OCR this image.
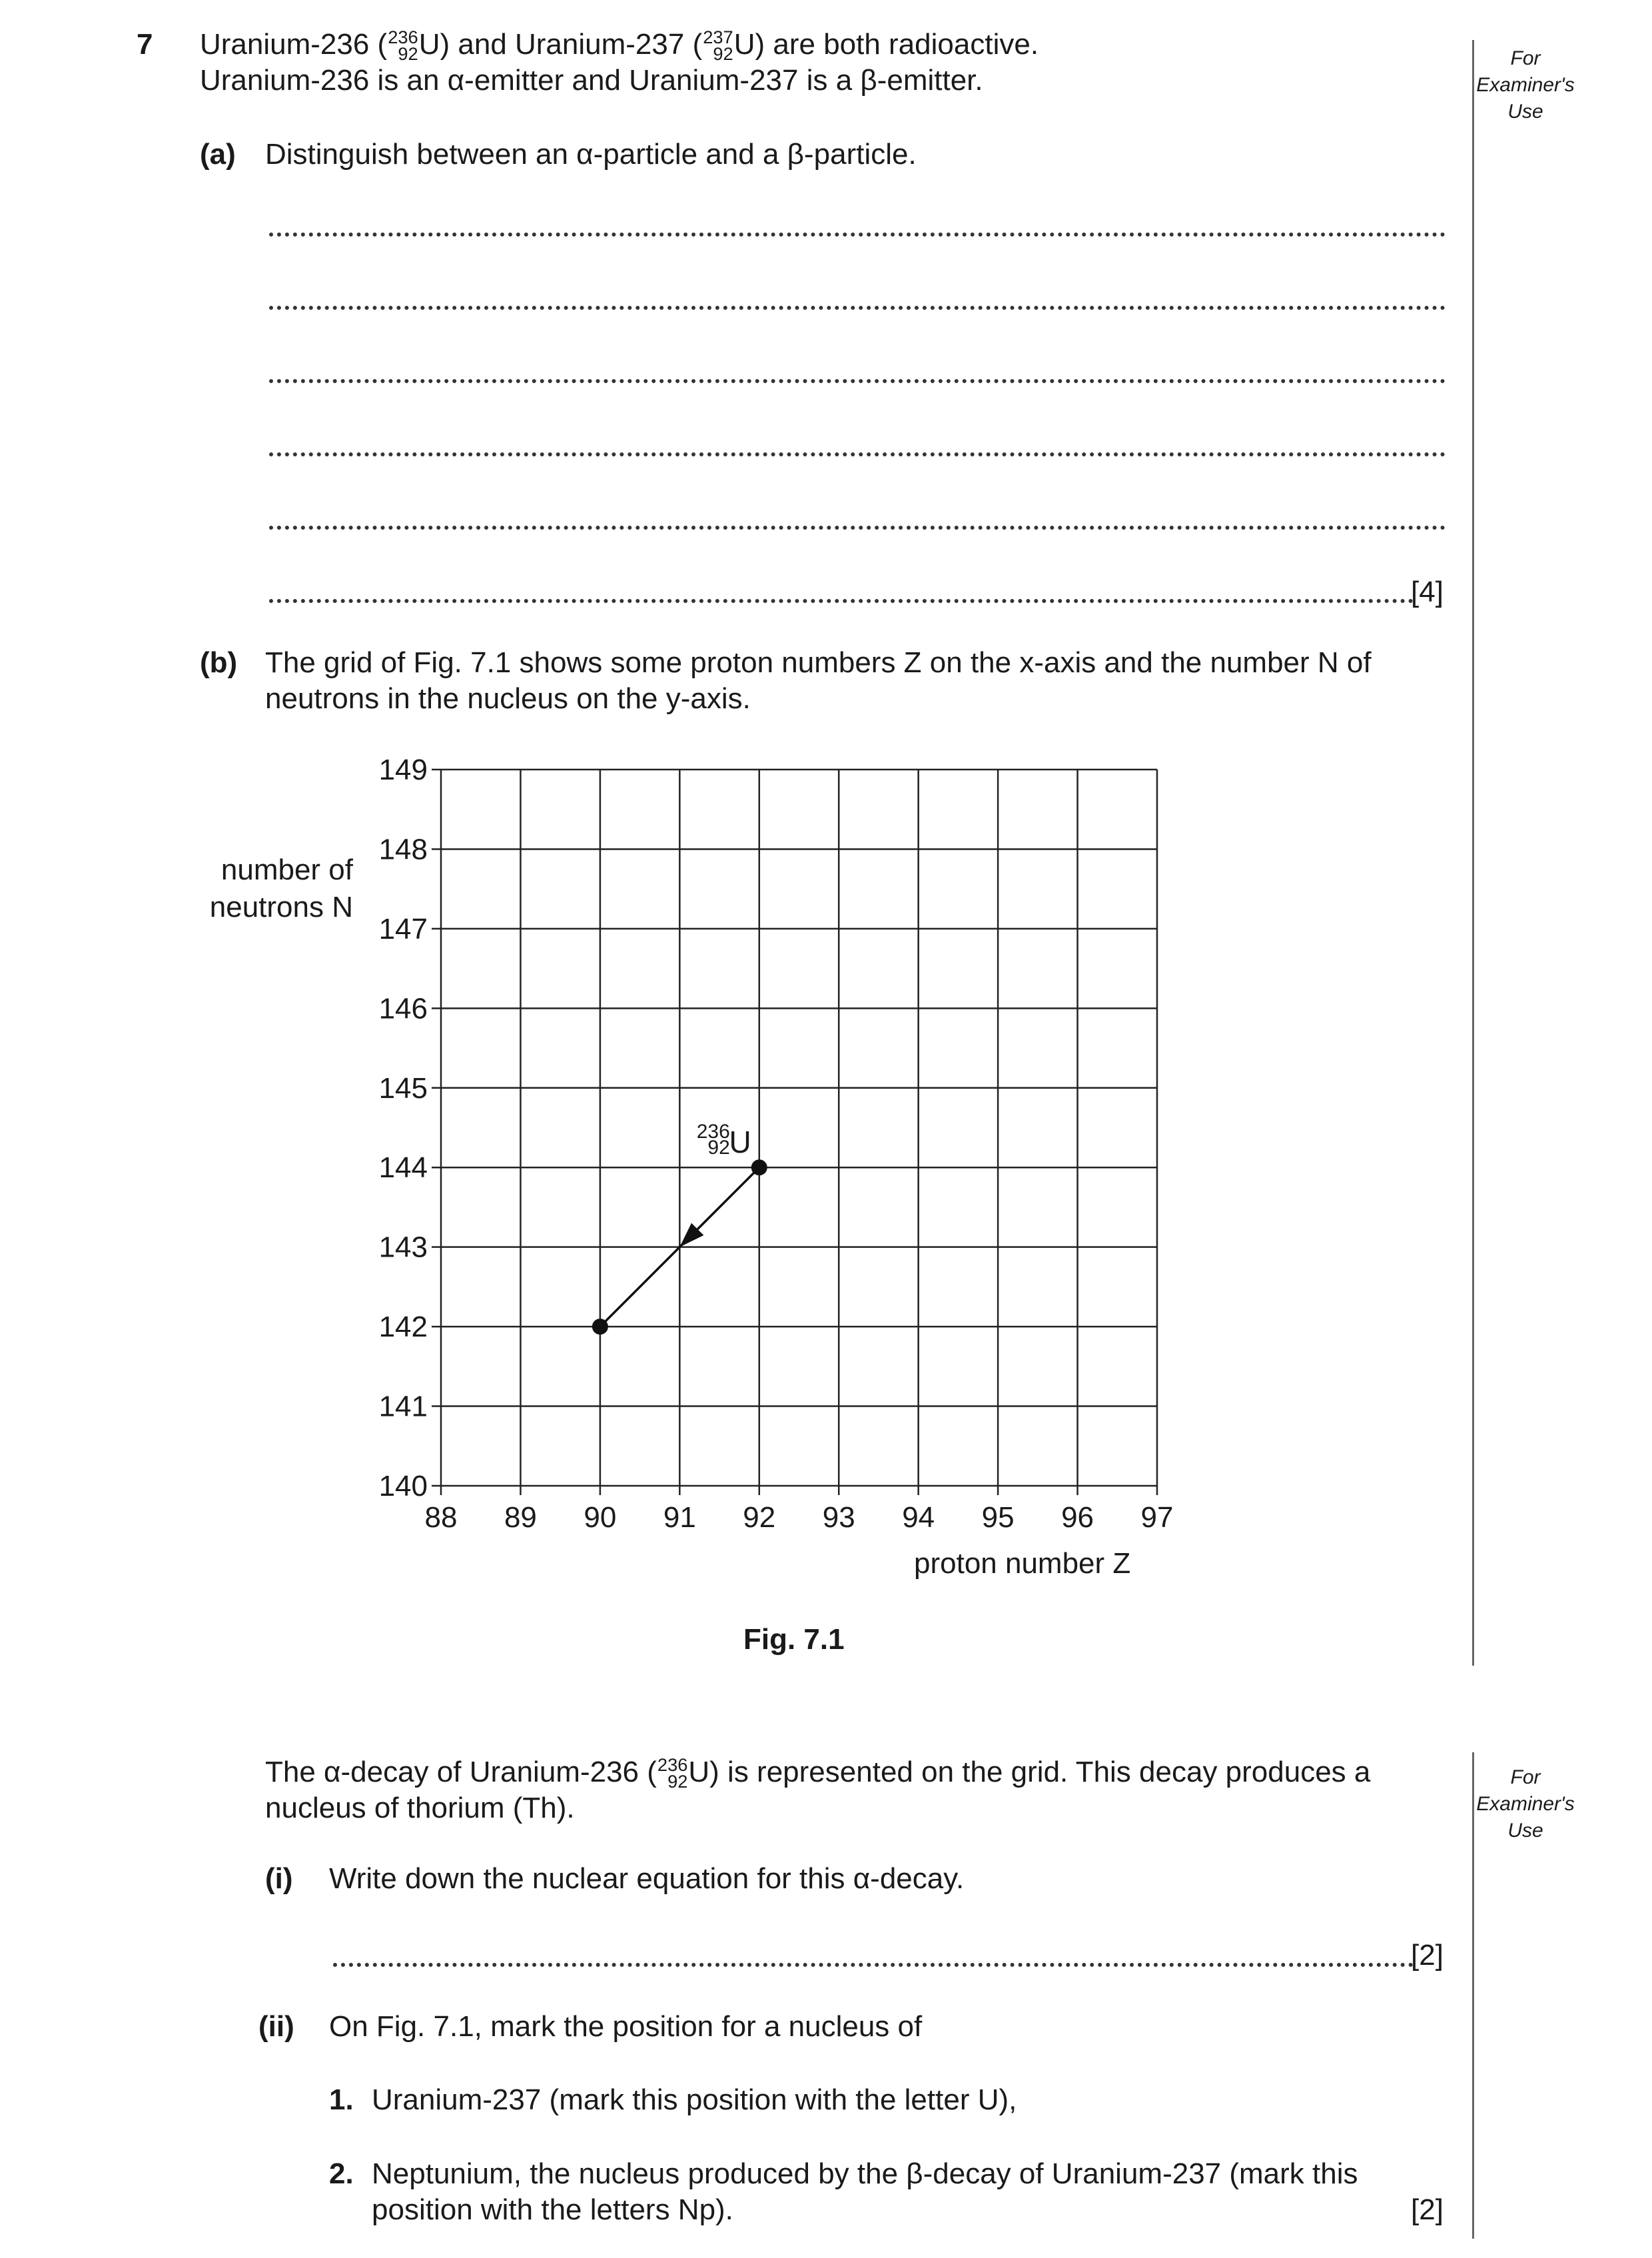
For
Examiner's
Use
For
Examiner's
Use
7 Uranium-236 ( 236
92 U) and Uranium-237 ( 237
92 U) are both radioactive.
Uranium-236 is an α-emitter and Uranium-237 is a β-emitter.
(a) Distinguish between an α-particle and a β-particle.
[4]
(b) The grid of Fig. 7.1 shows some proton numbers Z on the x-axis and the number N of
neutrons in the nucleus on the y-axis.
number of neutrons N
88 89 90 91 92 93 94 95 96 97
140
141
142
143
144
145
146
147
148
149
U
236
92
proton number Z
Fig. 7.1
The α-decay of Uranium-236 ( 236
92 U) is represented on the grid. This decay produces a
nucleus of thorium (Th).
(i) Write down the nuclear equation for this α-decay.
[2]
(ii) On Fig. 7.1, mark the position for a nucleus of
1. Uranium-237 (mark this position with the letter U),
2. Neptunium, the nucleus produced by the β-decay of Uranium-237 (mark this
position with the letters Np).	[2]
